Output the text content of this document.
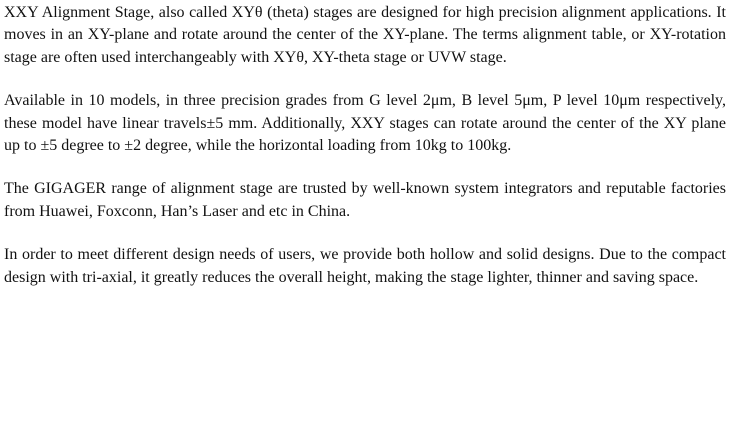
XXY Alignment Stage, also called XYθ (theta) stages are designed for high precision alignment applications. It moves in an XY-plane and rotate around the center of the XY-plane. The terms alignment table, or XY-rotation stage are often used interchangeably with XYθ, XY-theta stage or UVW stage.

Available in 10 models, in three precision grades from G level 2μm, B level 5μm, P level 10μm respectively, these model have linear travels±5 mm. Additionally, XXY stages can rotate around the center of the XY plane up to ±5 degree to ±2 degree, while the horizontal loading from 10kg to 100kg.

The GIGAGER range of alignment stage are trusted by well-known system integrators and reputable factories from Huawei, Foxconn, Han’s Laser and etc in China.

In order to meet different design needs of users, we provide both hollow and solid designs. Due to the compact design with tri-axial, it greatly reduces the overall height, making the stage lighter, thinner and saving space.
